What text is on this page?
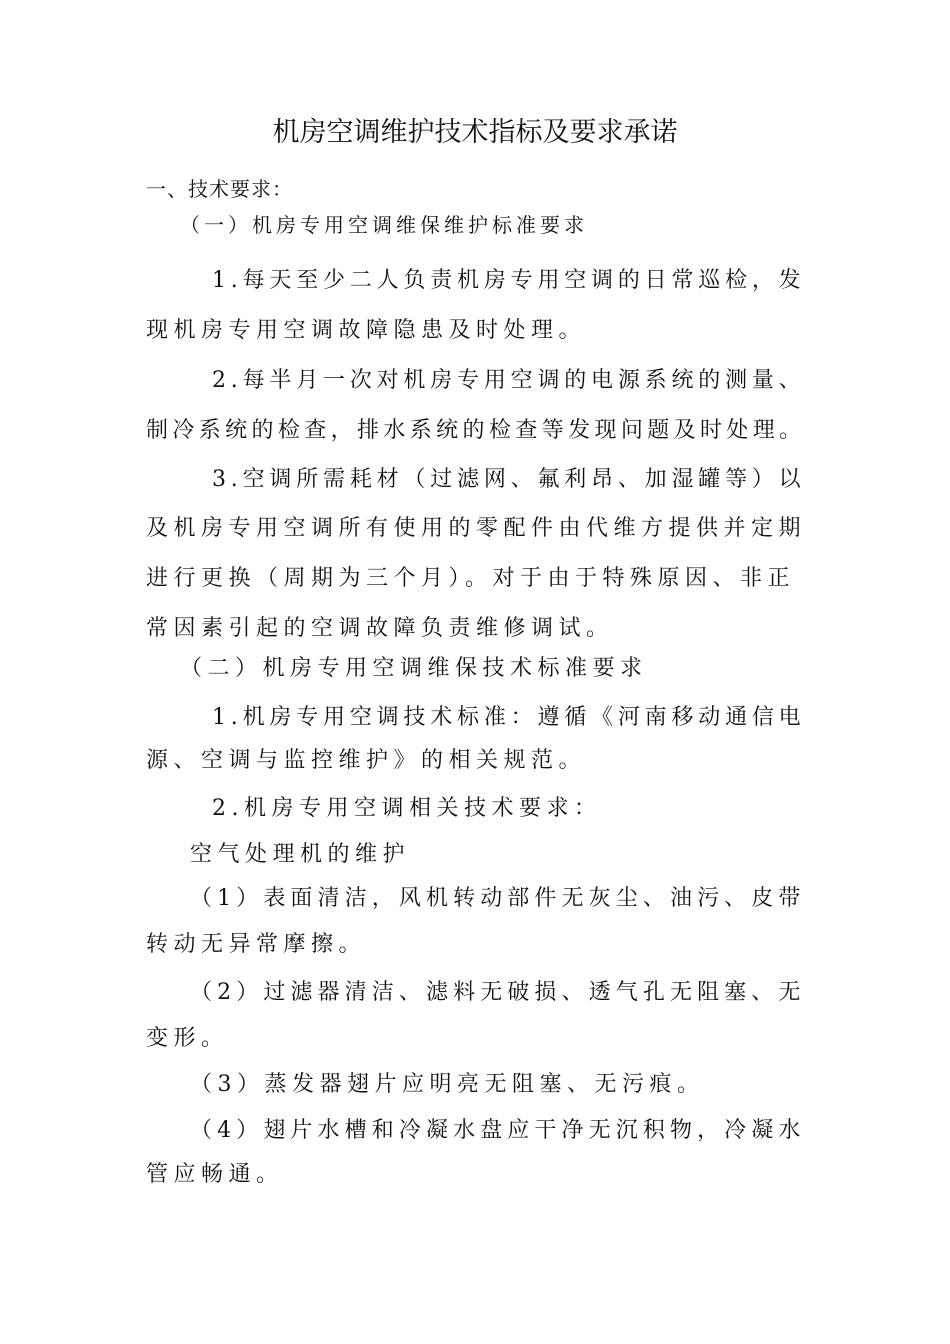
机房空调维护技术指标及要求承诺
一、技术要求：
（一）机房专用空调维保维护标准要求
1.每天至少二人负责机房专用空调的日常巡检，发
现机房专用空调故障隐患及时处理。
2.每半月一次对机房专用空调的电源系统的测量、
制冷系统的检查，排水系统的检查等发现问题及时处理。
3.空调所需耗材（过滤网、氟利昂、加湿罐等）以
及机房专用空调所有使用的零配件由代维方提供并定期
进行更换（周期为三个月）。对于由于特殊原因、非正
常因素引起的空调故障负责维修调试。
（二）机房专用空调维保技术标准要求
1.机房专用空调技术标准：遵循《河南移动通信电
源、空调与监控维护》的相关规范。
2.机房专用空调相关技术要求：
空气处理机的维护
（1）表面清洁，风机转动部件无灰尘、油污、皮带
转动无异常摩擦。
（2）过滤器清洁、滤料无破损、透气孔无阻塞、无
变形。
（3）蒸发器翅片应明亮无阻塞、无污痕。
（4）翅片水槽和冷凝水盘应干净无沉积物，冷凝水
管应畅通。
